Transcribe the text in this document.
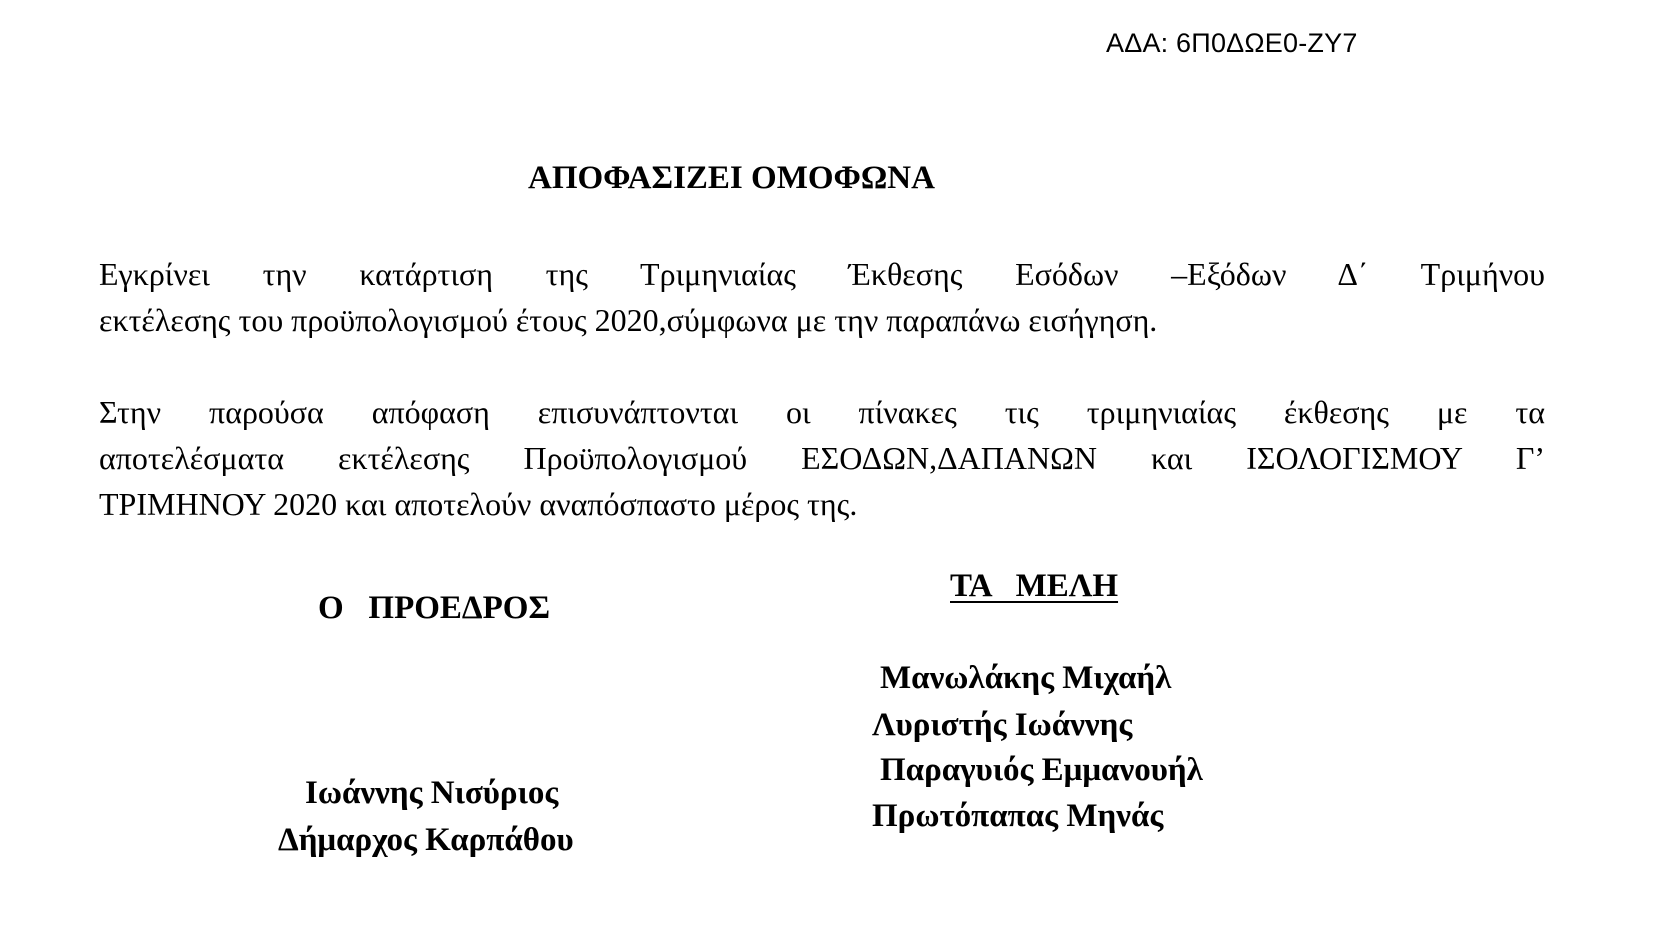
ΑΔΑ: 6Π0ΔΩΕ0-ΖΥ7
ΑΠΟΦΑΣΙΖΕΙ ΟΜΟΦΩΝΑ
Εγκρίνει την κατάρτιση της Τριμηνιαίας Έκθεσης Εσόδων –Εξόδων Δ΄ Τριμήνου
εκτέλεσης του προϋπολογισμού έτους 2020,σύμφωνα με την παραπάνω εισήγηση.
Στην παρούσα απόφαση επισυνάπτονται οι πίνακες τις τριμηνιαίας έκθεσης με τα
αποτελέσματα εκτέλεσης Προϋπολογισμού ΕΣΟΔΩΝ,ΔΑΠΑΝΩΝ και ΙΣΟΛΟΓΙΣΜΟΥ Γ’
ΤΡΙΜΗΝΟΥ 2020 και αποτελούν αναπόσπαστο μέρος της.
Ο   ΠΡΟΕΔΡΟΣ
ΤΑ   ΜΕΛΗ
Μανωλάκης Μιχαήλ
Λυριστής Ιωάννης
Παραγυιός Εμμανουήλ
Πρωτόπαπας Μηνάς
Ιωάννης Νισύριος
Δήμαρχος Καρπάθου
